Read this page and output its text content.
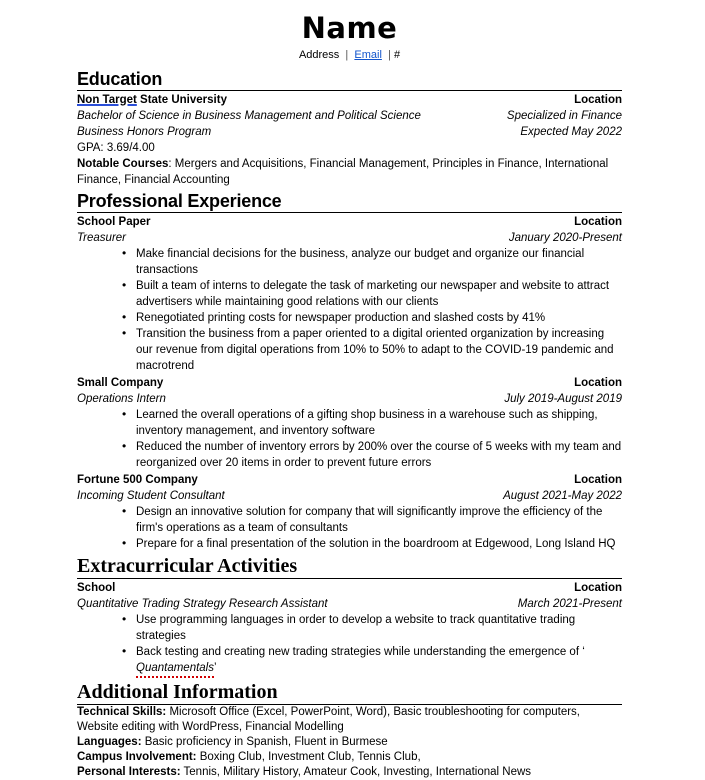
Name
Address  |  Email  | #
Education
Non Target State University	Location
Bachelor of Science in Business Management and Political Science	Specialized in Finance
Business Honors Program	Expected May 2022
GPA: 3.69/4.00
Notable Courses: Mergers and Acquisitions, Financial Management, Principles in Finance, International Finance, Financial Accounting
Professional Experience
School Paper	Location
Treasurer	January 2020-Present
• Make financial decisions for the business, analyze our budget and organize our financial transactions
• Built a team of interns to delegate the task of marketing our newspaper and website to attract advertisers while maintaining good relations with our clients
• Renegotiated printing costs for newspaper production and slashed costs by 41%
• Transition the business from a paper oriented to a digital oriented organization by increasing our revenue from digital operations from 10% to 50% to adapt to the COVID-19 pandemic and macrotrend
Small Company	Location
Operations Intern	July 2019-August 2019
• Learned the overall operations of a gifting shop business in a warehouse such as shipping, inventory management, and inventory software
• Reduced the number of inventory errors by 200% over the course of 5 weeks with my team and reorganized over 20 items in order to prevent future errors
Fortune 500 Company	Location
Incoming Student Consultant	August 2021-May 2022
• Design an innovative solution for company that will significantly improve the efficiency of the firm's operations as a team of consultants
• Prepare for a final presentation of the solution in the boardroom at Edgewood, Long Island HQ
Extracurricular Activities
School	Location
Quantitative Trading Strategy Research Assistant	March 2021-Present
• Use programming languages in order to develop a website to track quantitative trading strategies
• Back testing and creating new trading strategies while understanding the emergence of ‘Quantamentals’
Additional Information
Technical Skills: Microsoft Office (Excel, PowerPoint, Word), Basic troubleshooting for computers, Website editing with WordPress, Financial Modelling
Languages: Basic proficiency in Spanish, Fluent in Burmese
Campus Involvement: Boxing Club, Investment Club, Tennis Club,
Personal Interests: Tennis, Military History, Amateur Cook, Investing, International News
